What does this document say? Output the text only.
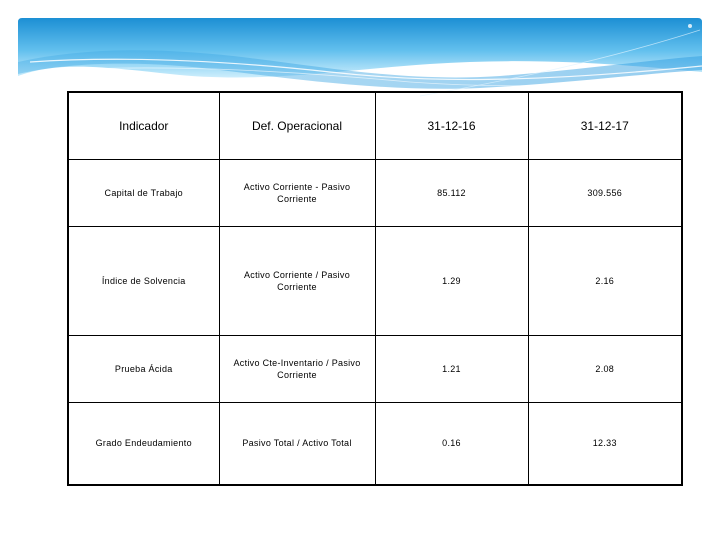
Indicador	Def. Operacional	31-12-16	31-12-17
Capital de Trabajo	Activo Corriente - Pasivo Corriente	85.112	309.556
Índice de Solvencia	Activo Corriente / Pasivo Corriente	1.29	2.16
Prueba Ácida	Activo Cte-Inventario / Pasivo Corriente	1.21	2.08
Grado Endeudamiento	Pasivo Total / Activo Total	0.16	12.33
